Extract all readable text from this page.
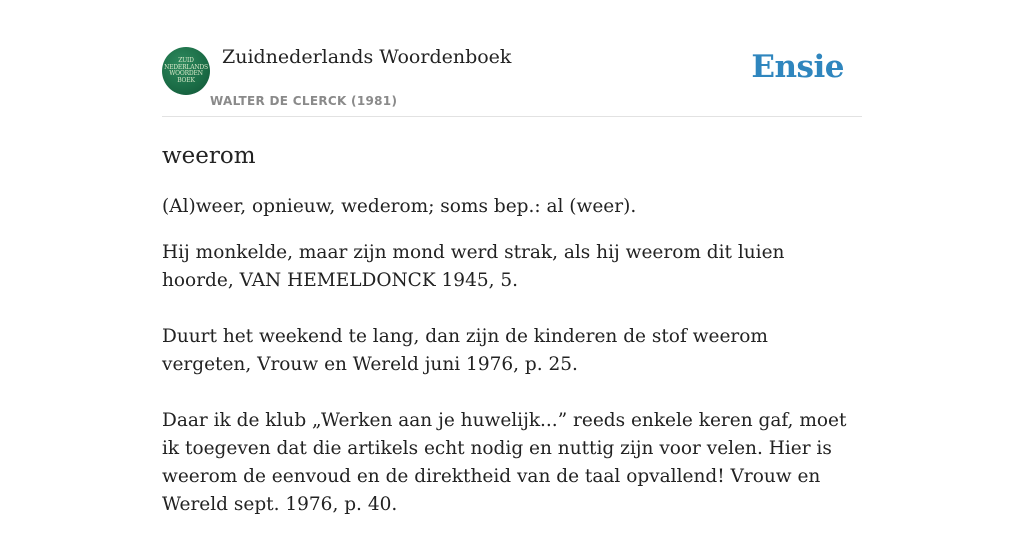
ZUID
NEDERLANDS
WOORDEN
BOEK
Zuidnederlands Woordenboek
WALTER DE CLERCK (1981)
Ensie
weerom

(Al)weer, opnieuw, wederom; soms bep.: al (weer).

Hij monkelde, maar zijn mond werd strak, als hij weerom dit luien hoorde, VAN HEMELDONCK 1945, 5.

Duurt het weekend te lang, dan zijn de kinderen de stof weerom vergeten, Vrouw en Wereld juni 1976, p. 25.

Daar ik de klub „Werken aan je huwelijk...” reeds enkele keren gaf, moet ik toegeven dat die artikels echt nodig en nuttig zijn voor velen. Hier is weerom de eenvoud en de direktheid van de taal opvallend! Vrouw en Wereld sept. 1976, p. 40.
